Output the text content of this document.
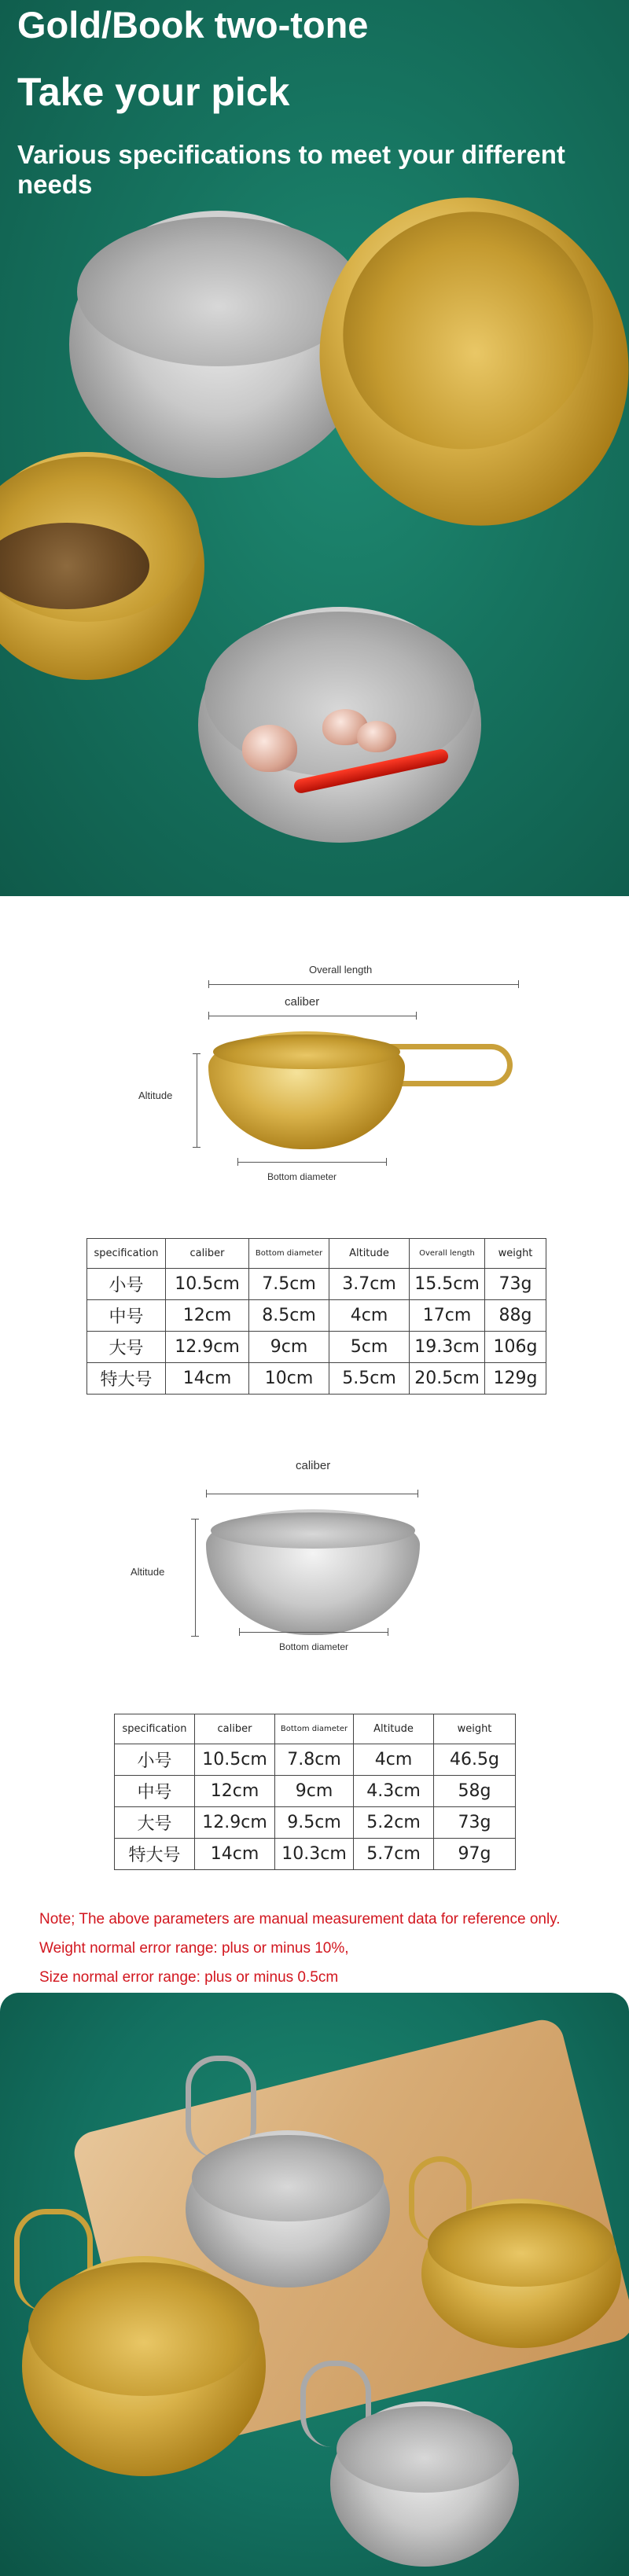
Gold/Book two-tone
Take your pick
Various specifications to meet your different needs
Overall length
caliber
Altitude
Bottom diameter
specification	caliber	Bottom diameter	Altitude	Overall length	weight
小号	10.5cm	7.5cm	3.7cm	15.5cm	73g
中号	12cm	8.5cm	4cm	17cm	88g
大号	12.9cm	9cm	5cm	19.3cm	106g
特大号	14cm	10cm	5.5cm	20.5cm	129g
caliber
Altitude
Bottom diameter
specification	caliber	Bottom diameter	Altitude	weight
小号	10.5cm	7.8cm	4cm	46.5g
中号	12cm	9cm	4.3cm	58g
大号	12.9cm	9.5cm	5.2cm	73g
特大号	14cm	10.3cm	5.7cm	97g
Note; The above parameters are manual measurement data for reference only.
Weight normal error range: plus or minus 10%,
Size normal error range: plus or minus 0.5cm
